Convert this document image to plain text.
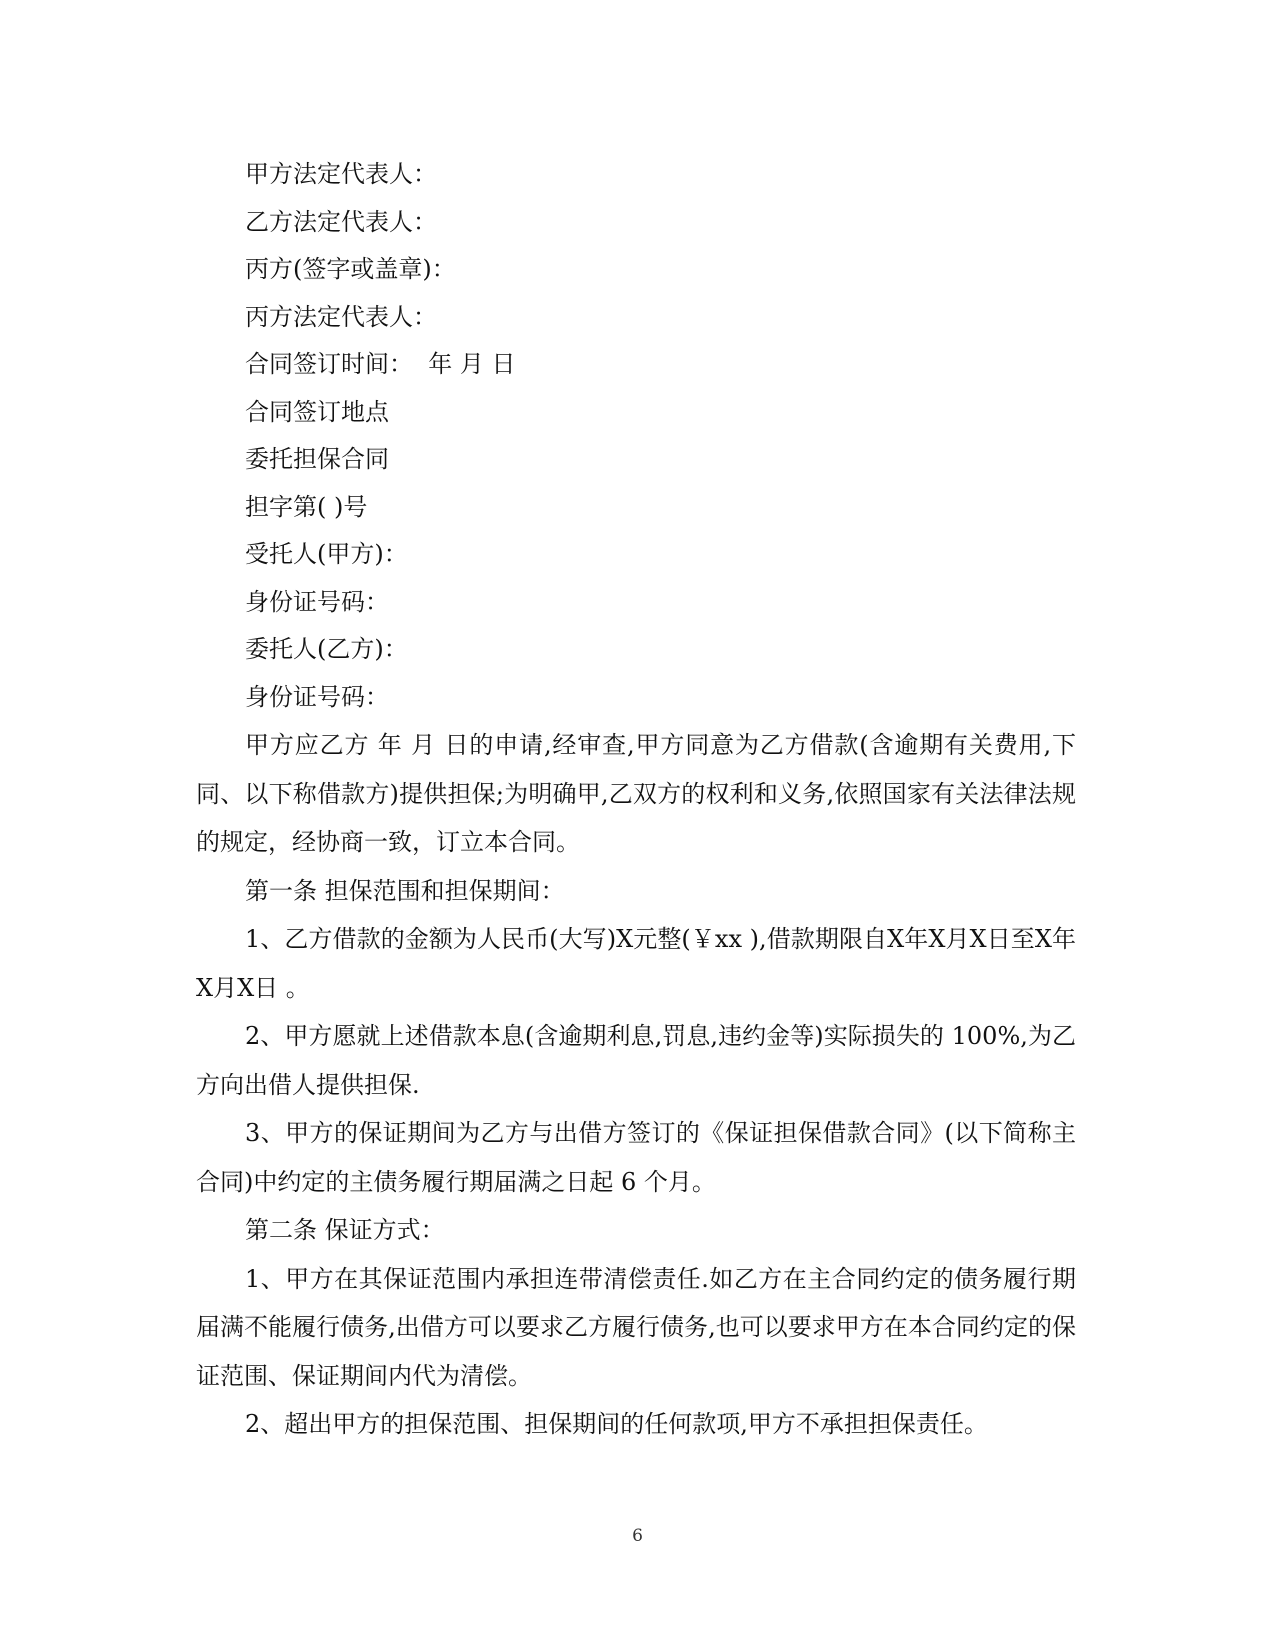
甲方法定代表人：
乙方法定代表人：
丙方(签字或盖章)：
丙方法定代表人：
合同签订时间：  年 月 日
合同签订地点
委托担保合同
担字第( )号
受托人(甲方)：
身份证号码：
委托人(乙方)：
身份证号码：

甲方应乙方 年 月 日的申请,经审查,甲方同意为乙方借款(含逾期有关费用,下同、以下称借款方)提供担保;为明确甲,乙双方的权利和义务,依照国家有关法律法规的规定，经协商一致，订立本合同。

第一条 担保范围和担保期间：

1、乙方借款的金额为人民币(大写)X元整(￥xx ),借款期限自X年X月X日至X年X月X日 。

2、甲方愿就上述借款本息(含逾期利息,罚息,违约金等)实际损失的 100%,为乙方向出借人提供担保.

3、甲方的保证期间为乙方与出借方签订的《保证担保借款合同》(以下简称主合同)中约定的主债务履行期届满之日起 6 个月。

第二条 保证方式：

1、甲方在其保证范围内承担连带清偿责任.如乙方在主合同约定的债务履行期届满不能履行债务,出借方可以要求乙方履行债务,也可以要求甲方在本合同约定的保证范围、保证期间内代为清偿。

2、超出甲方的担保范围、担保期间的任何款项,甲方不承担担保责任。

6
